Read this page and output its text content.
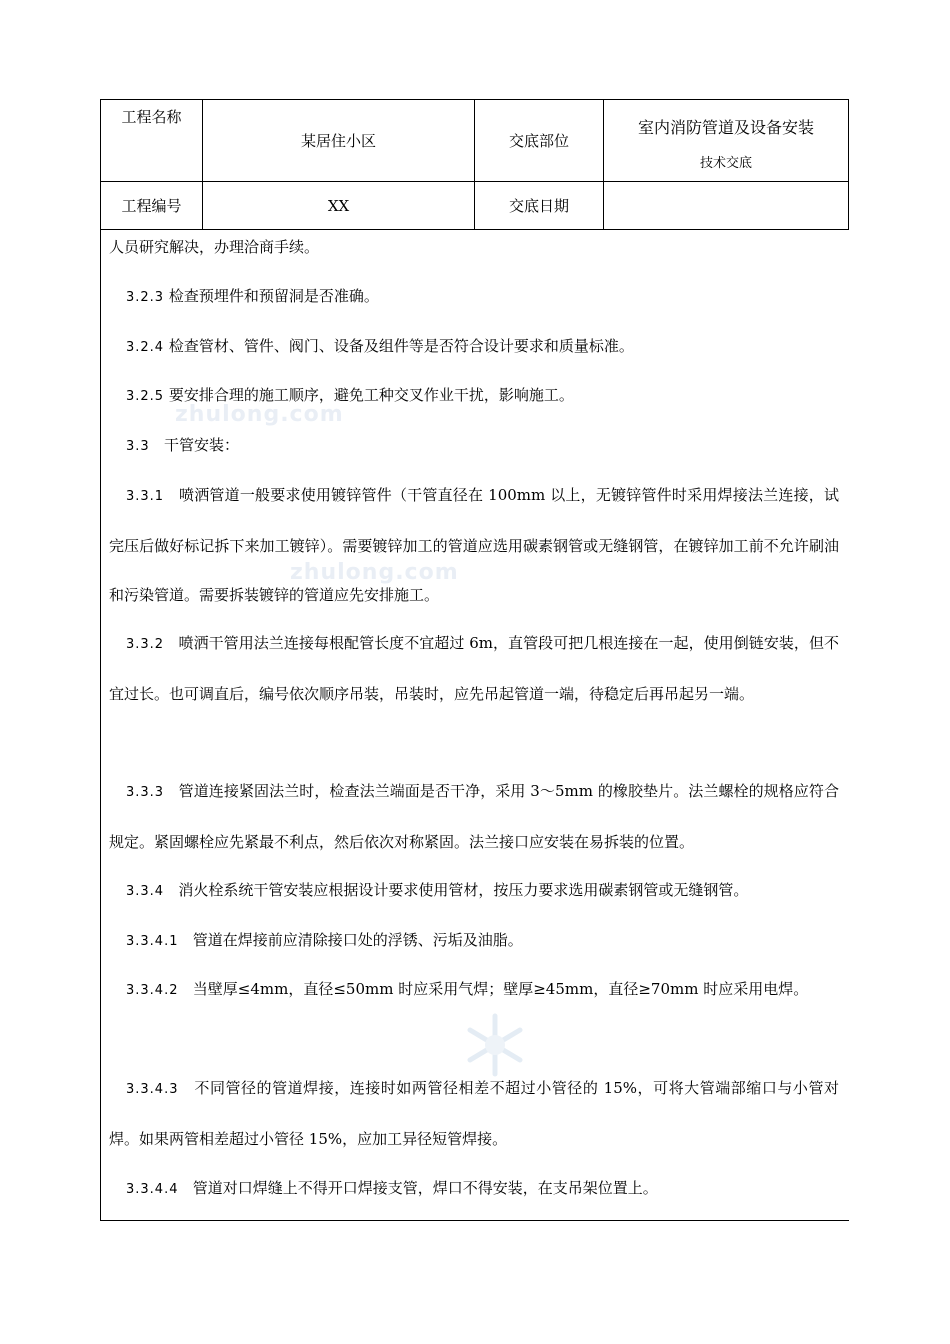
工程名称	某居住小区	交底部位	室内消防管道及设备安装
技术交底

工程编号	XX	交底日期	
zhulong.com
zhulong.com

人员研究解决，办理洽商手续。

3.2.3 检查预埋件和预留洞是否准确。

3.2.4 检查管材、管件、阀门、设备及组件等是否符合设计要求和质量标准。

3.2.5 要安排合理的施工顺序，避免工种交叉作业干扰，影响施工。

3.3 干管安装：

3.3.1 喷洒管道一般要求使用镀锌管件（干管直径在 100mm 以上，无镀锌管件时采用焊接法兰连接，试完压后做好标记拆下来加工镀锌）。需要镀锌加工的管道应选用碳素钢管或无缝钢管，在镀锌加工前不允许刷油和污染管道。需要拆装镀锌的管道应先安排施工。

3.3.2 喷洒干管用法兰连接每根配管长度不宜超过 6m，直管段可把几根连接在一起，使用倒链安装，但不宜过长。也可调直后，编号依次顺序吊装，吊装时，应先吊起管道一端，待稳定后再吊起另一端。

3.3.3 管道连接紧固法兰时，检查法兰端面是否干净，采用 3～5mm 的橡胶垫片。法兰螺栓的规格应符合规定。紧固螺栓应先紧最不利点，然后依次对称紧固。法兰接口应安装在易拆装的位置。

3.3.4 消火栓系统干管安装应根据设计要求使用管材，按压力要求选用碳素钢管或无缝钢管。

3.3.4.1 管道在焊接前应清除接口处的浮锈、污垢及油脂。

3.3.4.2 当壁厚≤4mm，直径≤50mm 时应采用气焊；壁厚≥45mm，直径≥70mm 时应采用电焊。

3.3.4.3 不同管径的管道焊接，连接时如两管径相差不超过小管径的 15%，可将大管端部缩口与小管对焊。如果两管相差超过小管径 15%，应加工异径短管焊接。

3.3.4.4 管道对口焊缝上不得开口焊接支管，焊口不得安装，在支吊架位置上。
